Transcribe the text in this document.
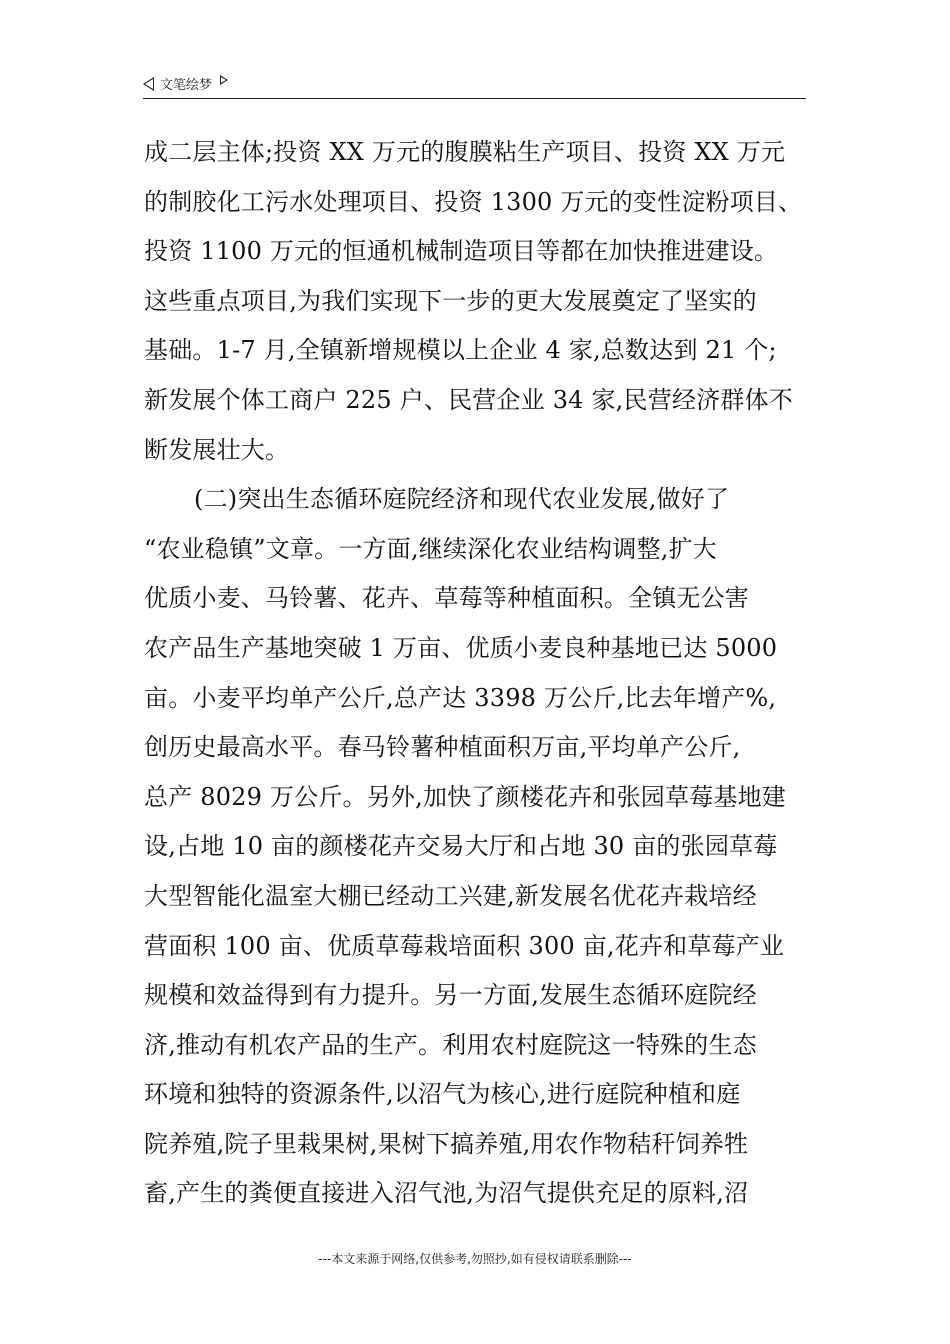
文笔绘梦
成二层主体;投资 XX 万元的腹膜粘生产项目、投资 XX 万元
的制胶化工污水处理项目、投资 1300 万元的变性淀粉项目、
投资 1100 万元的恒通机械制造项目等都在加快推进建设。
这些重点项目,为我们实现下一步的更大发展奠定了坚实的
基础。1-7 月,全镇新增规模以上企业 4 家,总数达到 21 个;
新发展个体工商户 225 户、民营企业 34 家,民营经济群体不
断发展壮大。
(二)突出生态循环庭院经济和现代农业发展,做好了
“农业稳镇”文章。一方面,继续深化农业结构调整,扩大
优质小麦、马铃薯、花卉、草莓等种植面积。全镇无公害
农产品生产基地突破 1 万亩、优质小麦良种基地已达 5000
亩。小麦平均单产公斤,总产达 3398 万公斤,比去年增产%,
创历史最高水平。春马铃薯种植面积万亩,平均单产公斤,
总产 8029 万公斤。另外,加快了颜楼花卉和张园草莓基地建
设,占地 10 亩的颜楼花卉交易大厅和占地 30 亩的张园草莓
大型智能化温室大棚已经动工兴建,新发展名优花卉栽培经
营面积 100 亩、优质草莓栽培面积 300 亩,花卉和草莓产业
规模和效益得到有力提升。另一方面,发展生态循环庭院经
济,推动有机农产品的生产。利用农村庭院这一特殊的生态
环境和独特的资源条件,以沼气为核心,进行庭院种植和庭
院养殖,院子里栽果树,果树下搞养殖,用农作物秸秆饲养牲
畜,产生的粪便直接进入沼气池,为沼气提供充足的原料,沼
---本文来源于网络,仅供参考,勿照抄,如有侵权请联系删除---
